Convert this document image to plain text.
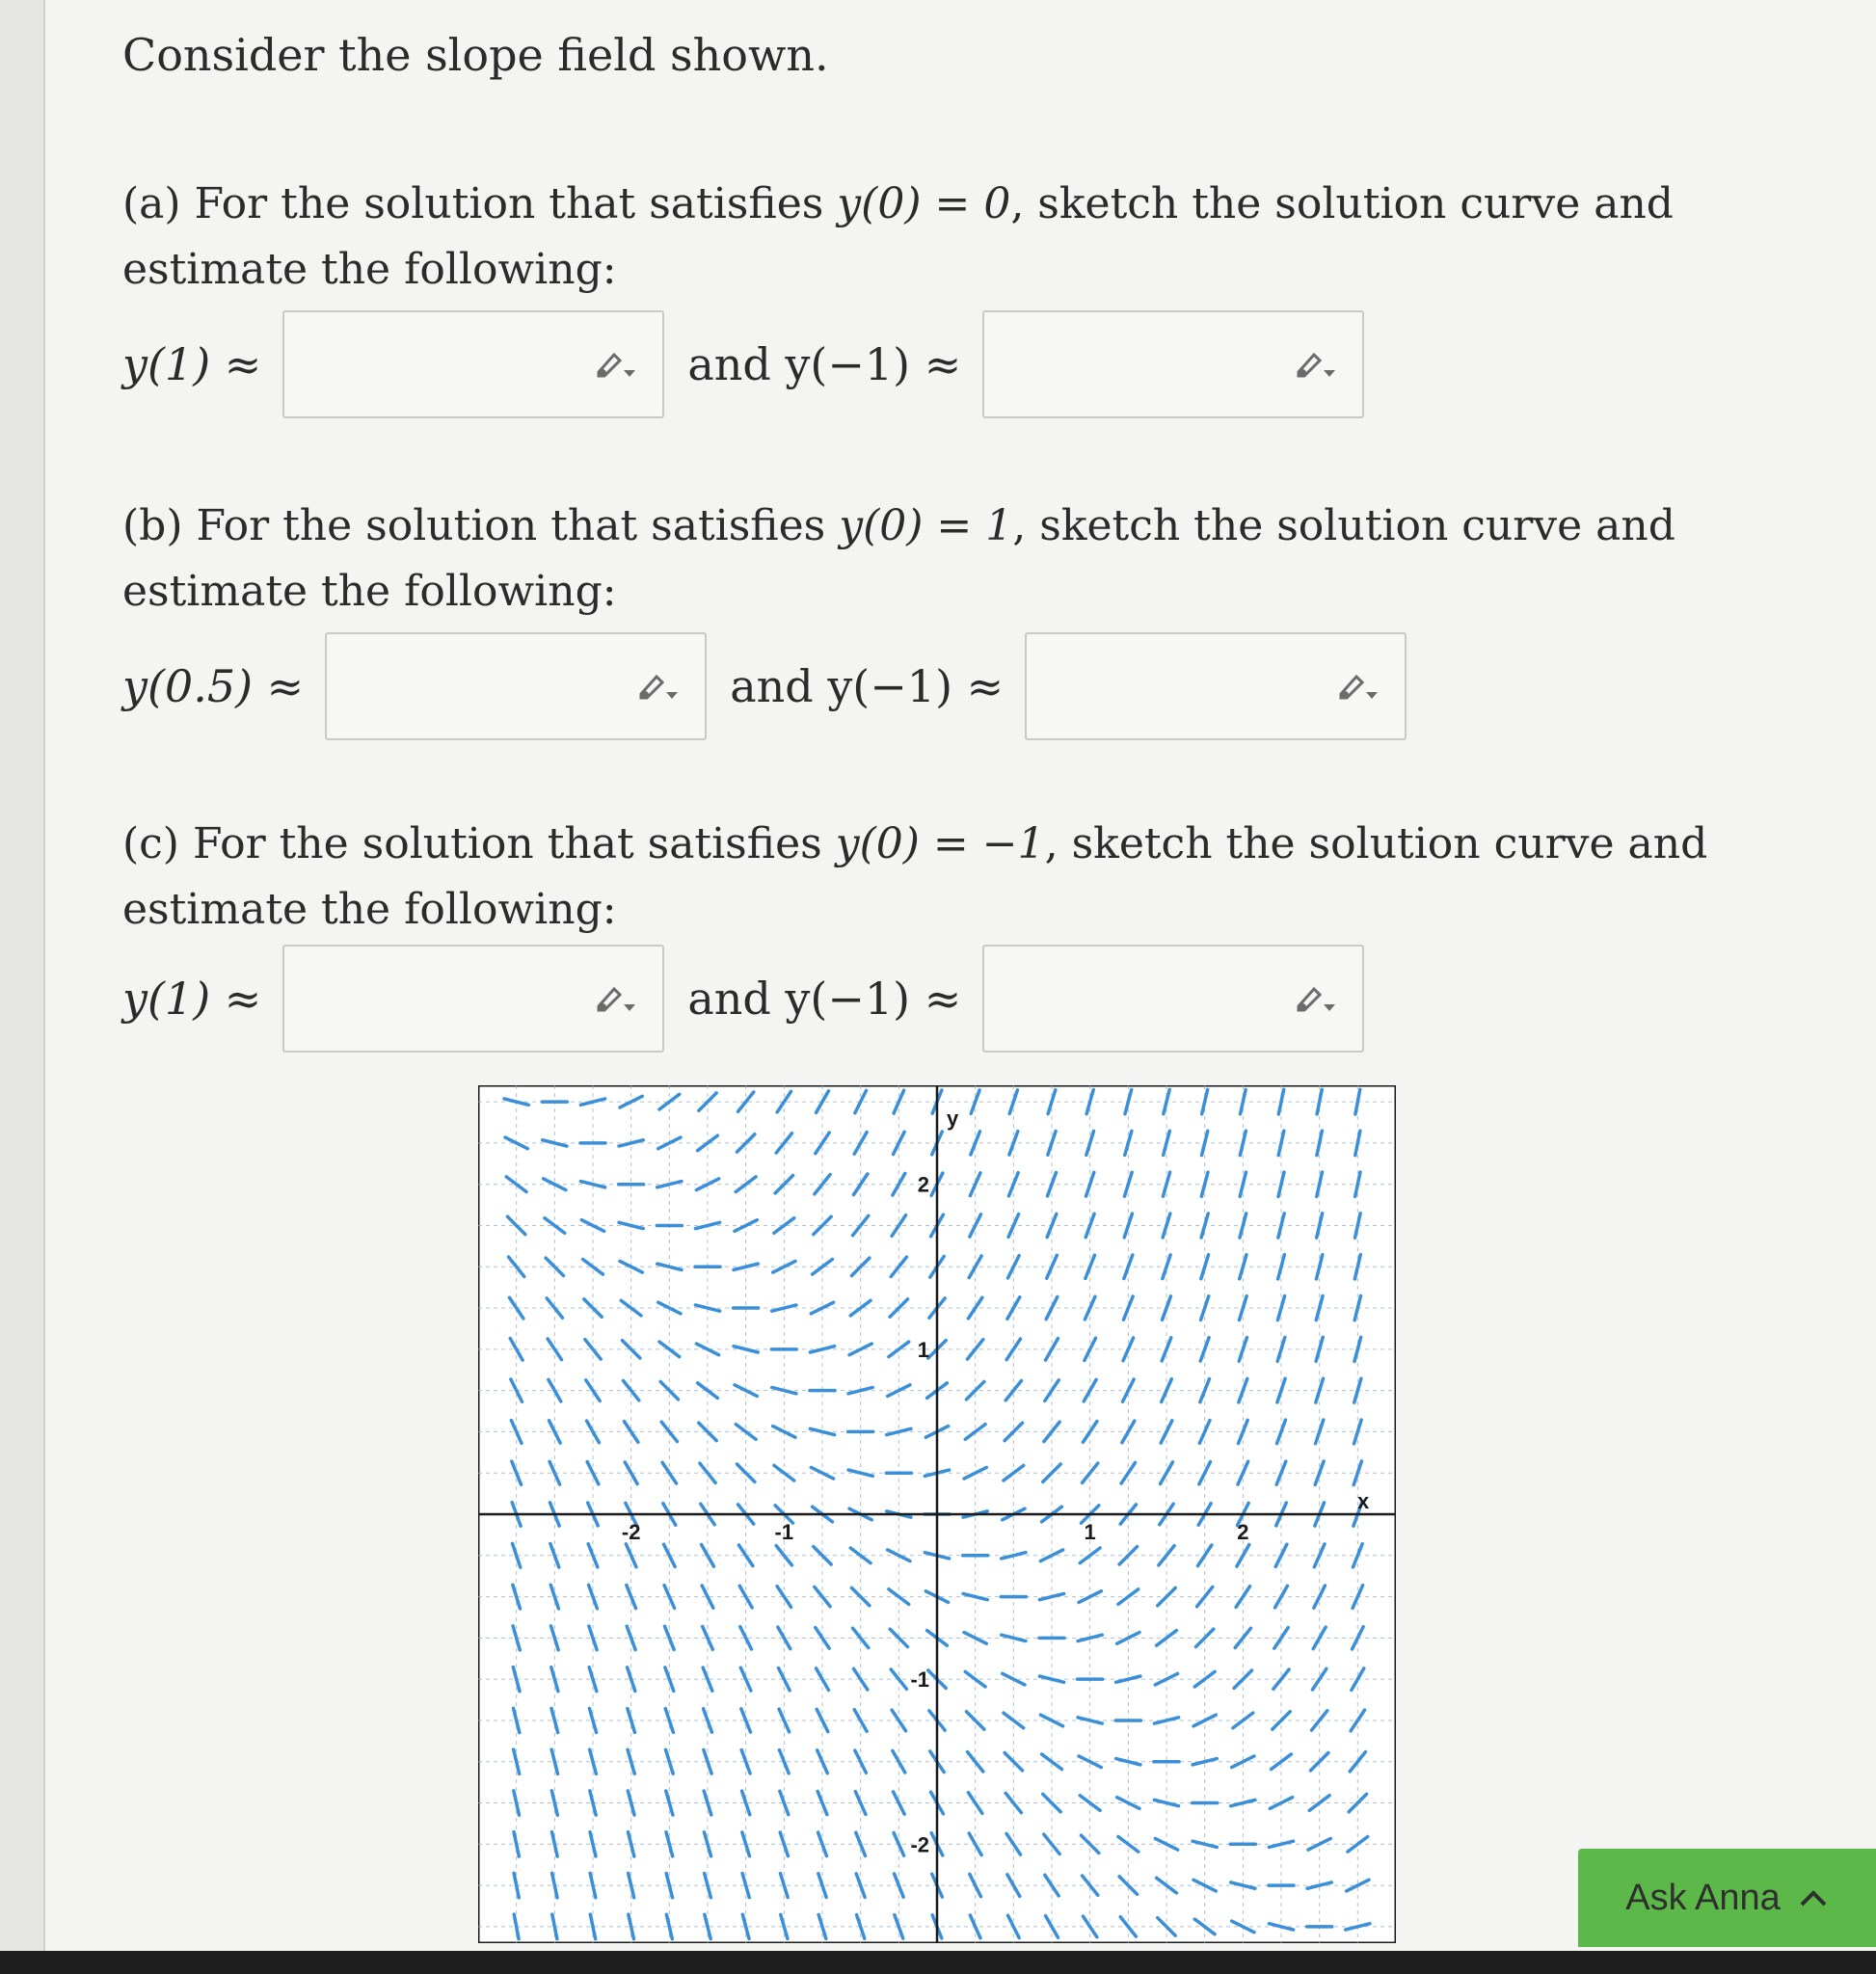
Consider the slope field shown.
(a) For the solution that satisfies y(0) = 0, sketch the solution curve and estimate the following:
y(1) ≈	and y(−1) ≈
(b) For the solution that satisfies y(0) = 1, sketch the solution curve and estimate the following:
y(0.5) ≈	and y(−1) ≈
(c) For the solution that satisfies y(0) = −1, sketch the solution curve and estimate the following:
y(1) ≈	and y(−1) ≈
-2	-1	1	2
2
1
-1
-2
x
y
Ask Anna
